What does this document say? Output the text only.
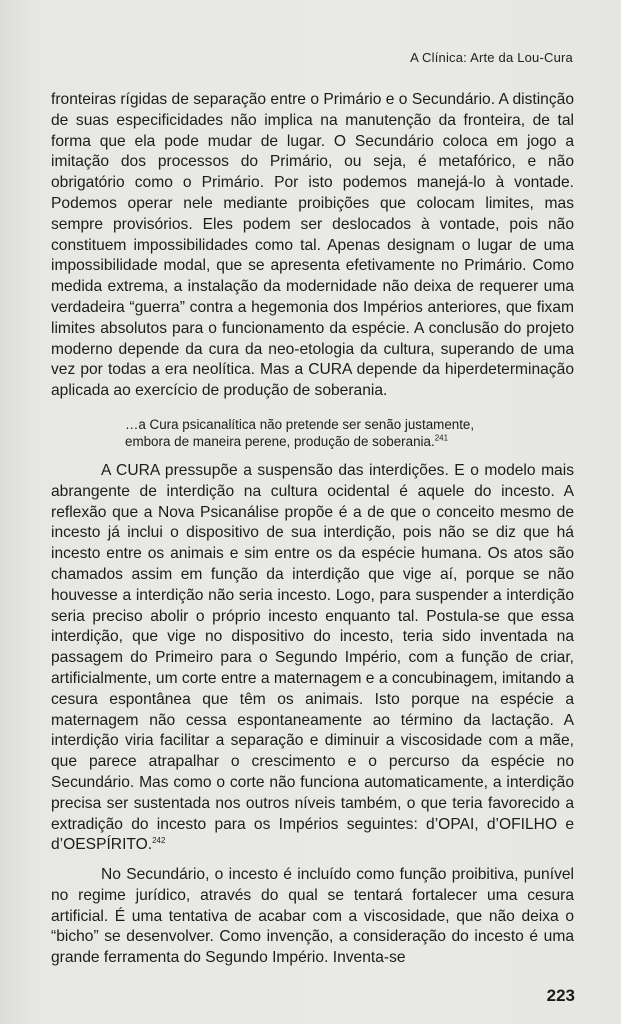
A Clínica: Arte da Lou-Cura

fronteiras rígidas de separação entre o Primário e o Secundário. A distinção de suas especificidades não implica na manutenção da fronteira, de tal forma que ela pode mudar de lugar. O Secundário coloca em jogo a imitação dos processos do Primário, ou seja, é metafórico, e não obrigatório como o Primário. Por isto podemos manejá-lo à vontade. Podemos operar nele mediante proibições que colocam limites, mas sempre provisórios. Eles podem ser deslocados à vontade, pois não constituem impossibilidades como tal. Apenas designam o lugar de uma impossibilidade modal, que se apresenta efetivamente no Primário. Como medida extrema, a instalação da modernidade não deixa de requerer uma verdadeira “guerra” contra a hegemonia dos Impérios anteriores, que fixam limites absolutos para o funcionamento da espécie. A conclusão do projeto moderno depende da cura da neo-etologia da cultura, superando de uma vez por todas a era neolítica. Mas a CURA depende da hiperdeterminação aplicada ao exercício de produção de soberania.

…a Cura psicanalítica não pretende ser senão justamente,
embora de maneira perene, produção de soberania.$^{241}$

A CURA pressupõe a suspensão das interdições. E o modelo mais abrangente de interdição na cultura ocidental é aquele do incesto. A reflexão que a Nova Psicanálise propõe é a de que o conceito mesmo de incesto já inclui o dispositivo de sua interdição, pois não se diz que há incesto entre os animais e sim entre os da espécie humana. Os atos são chamados assim em função da interdição que vige aí, porque se não houvesse a interdição não seria incesto. Logo, para suspender a interdição seria preciso abolir o próprio incesto enquanto tal. Postula-se que essa interdição, que vige no dispositivo do incesto, teria sido inventada na passagem do Primeiro para o Segundo Império, com a função de criar, artificialmente, um corte entre a maternagem e a concubinagem, imitando a cesura espontânea que têm os animais. Isto porque na espécie a maternagem não cessa espontaneamente ao término da lactação. A interdição viria facilitar a separação e diminuir a viscosidade com a mãe, que parece atrapalhar o crescimento e o percurso da espécie no Secundário. Mas como o corte não funciona automaticamente, a interdição precisa ser sustentada nos outros níveis também, o que teria favorecido a extradição do incesto para os Impérios seguintes: d’OPAI, d’OFILHO e d’OESPÍRITO.$^{242}$

No Secundário, o incesto é incluído como função proibitiva, punível no regime jurídico, através do qual se tentará fortalecer uma cesura artificial. É uma tentativa de acabar com a viscosidade, que não deixa o “bicho” se desenvolver. Como invenção, a consideração do incesto é uma grande ferramenta do Segundo Império. Inventa-se

223
